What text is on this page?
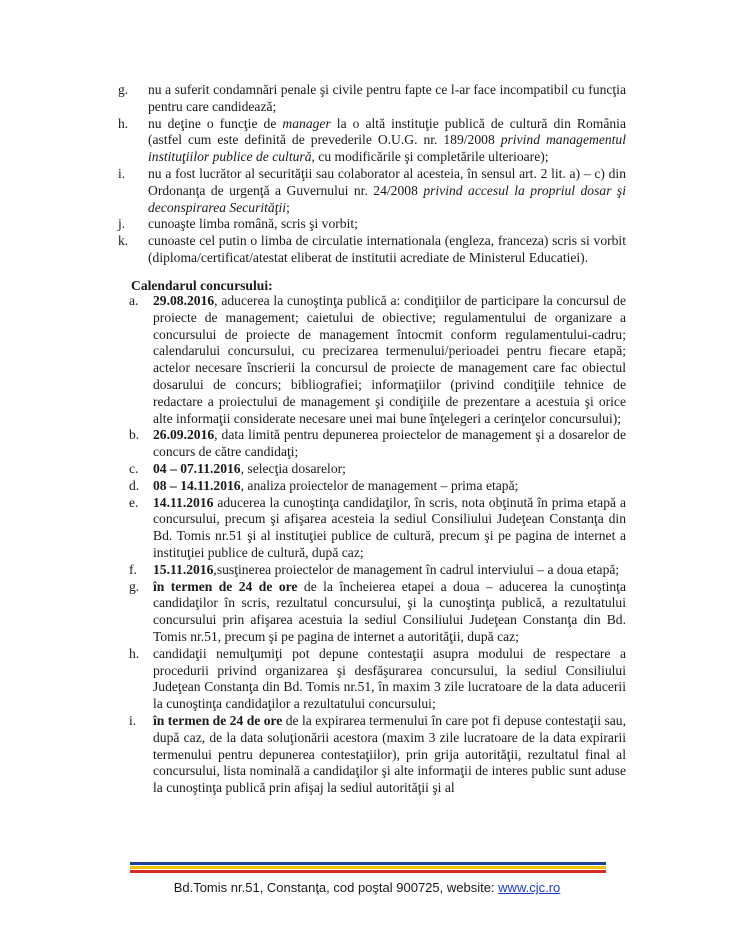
g. nu a suferit condamnări penale şi civile pentru fapte ce l-ar face incompatibil cu funcţia pentru care candidează;
h. nu deţine o funcţie de manager la o altă instituţie publică de cultură din România (astfel cum este definită de prevederile O.U.G. nr. 189/2008 privind managementul instituţiilor publice de cultură, cu modificările şi completările ulterioare);
i. nu a fost lucrător al securităţii sau colaborator al acesteia, în sensul art. 2 lit. a) – c) din Ordonanţa de urgenţă a Guvernului nr. 24/2008 privind accesul la propriul dosar şi deconspirarea Securităţii;
j. cunoaşte limba română, scris şi vorbit;
k. cunoaste cel putin o limba de circulatie internationala (engleza, franceza) scris si vorbit (diploma/certificat/atestat eliberat de institutii acrediate de Ministerul Educatiei).
Calendarul concursului:
a. 29.08.2016, aducerea la cunoştinţa publică a: condiţiilor de participare la concursul de proiecte de management; caietului de obiective; regulamentului de organizare a concursului de proiecte de management întocmit conform regulamentului-cadru; calendarului concursului, cu precizarea termenului/perioadei pentru fiecare etapă; actelor necesare înscrierii la concursul de proiecte de management care fac obiectul dosarului de concurs; bibliografiei; informaţiilor (privind condiţiile tehnice de redactare a proiectului de management şi condiţiile de prezentare a acestuia şi orice alte informaţii considerate necesare unei mai bune înţelegeri a cerinţelor concursului);
b. 26.09.2016, data limită pentru depunerea proiectelor de management şi a dosarelor de concurs de către candidaţi;
c. 04 – 07.11.2016, selecţia dosarelor;
d. 08 – 14.11.2016, analiza proiectelor de management – prima etapă;
e. 14.11.2016 aducerea la cunoştinţa candidaţilor, în scris, nota obţinută în prima etapă a concursului, precum şi afişarea acesteia la sediul Consiliului Judeţean Constanţa din Bd. Tomis nr.51 şi al instituţiei publice de cultură, precum şi pe pagina de internet a instituţiei publice de cultură, după caz;
f. 15.11.2016,susţinerea proiectelor de management în cadrul interviului – a doua etapă;
g. în termen de 24 de ore de la încheierea etapei a doua – aducerea la cunoştinţa candidaţilor în scris, rezultatul concursului, şi la cunoştinţa publică, a rezultatului concursului prin afişarea acestuia la sediul Consiliului Judeţean Constanţa din Bd. Tomis nr.51, precum şi pe pagina de internet a autorităţii, după caz;
h. candidaţii nemulţumiţi pot depune contestaţii asupra modului de respectare a procedurii privind organizarea şi desfăşurarea concursului, la sediul Consiliului Judeţean Constanţa din Bd. Tomis nr.51, în maxim 3 zile lucratoare de la data aducerii la cunoştinţa candidaţilor a rezultatului concursului;
i. în termen de 24 de ore de la expirarea termenului în care pot fi depuse contestaţii sau, după caz, de la data soluţionării acestora (maxim 3 zile lucratoare de la data expirarii termenului pentru depunerea contestaţiilor), prin grija autorităţii, rezultatul final al concursului, lista nominală a candidaţilor şi alte informaţii de interes public sunt aduse la cunoştinţa publică prin afişaj la sediul autorităţii şi al
Bd.Tomis nr.51, Constanţa, cod poştal 900725, website: www.cjc.ro
